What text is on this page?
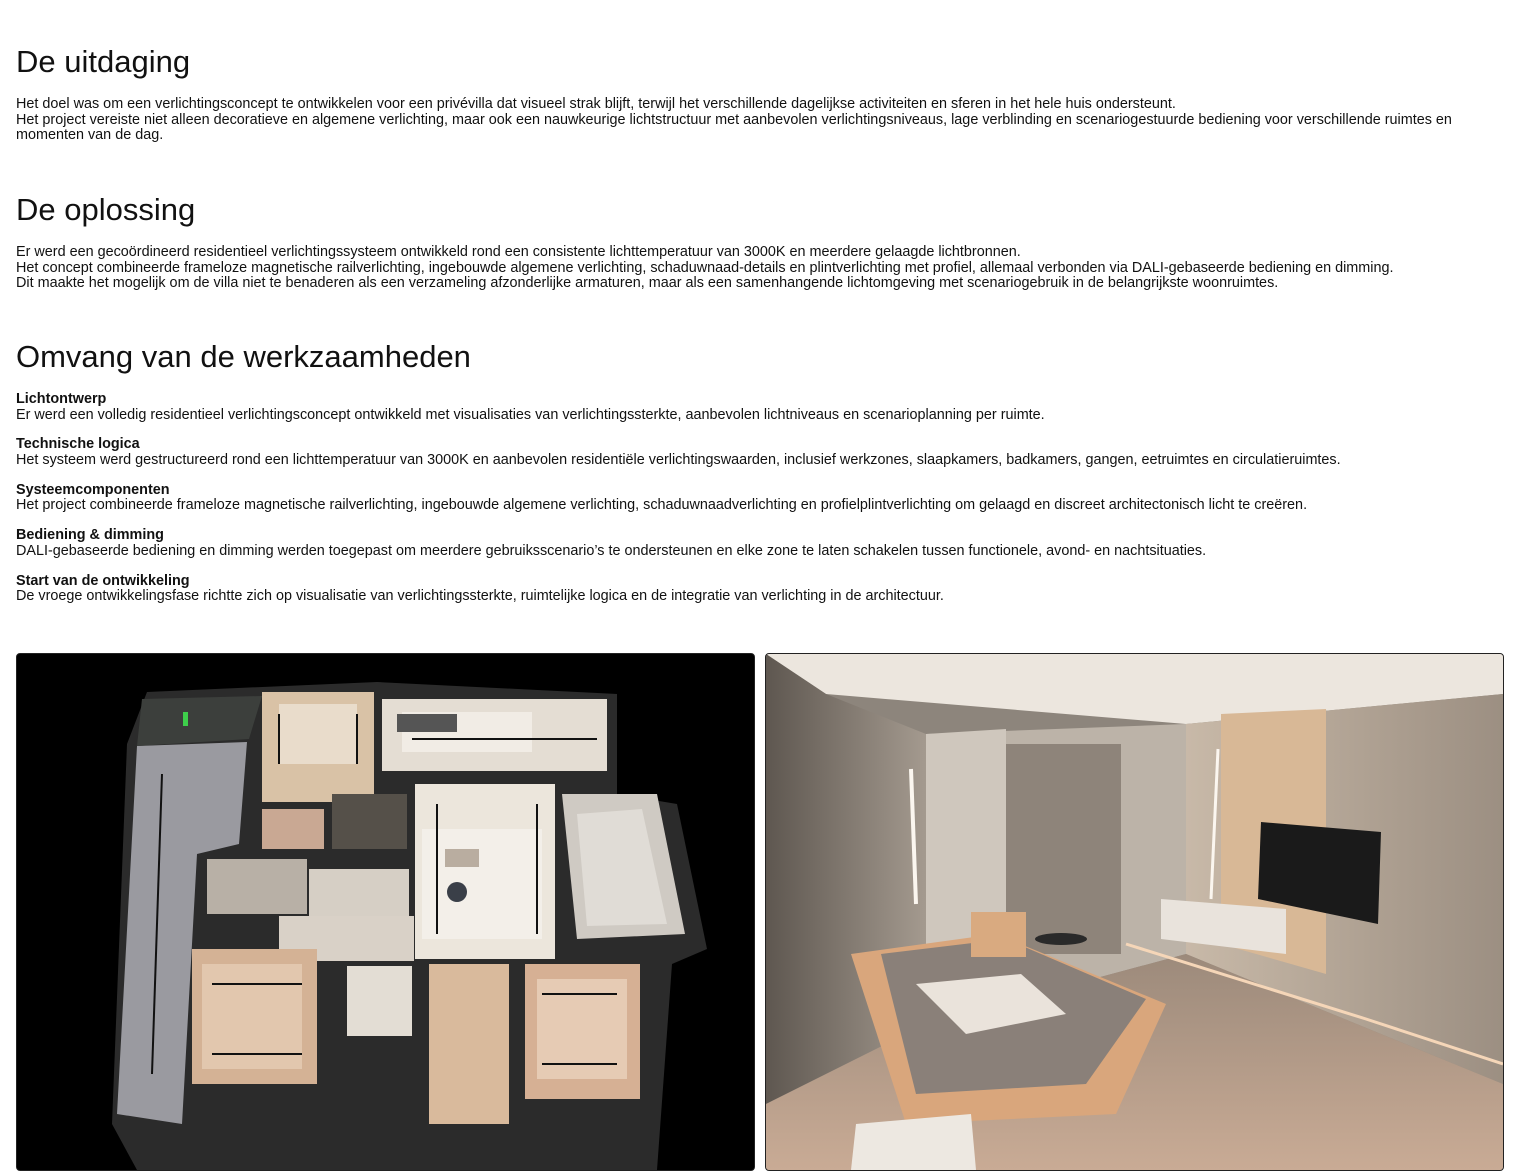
De uitdaging

Het doel was om een verlichtingsconcept te ontwikkelen voor een privévilla dat visueel strak blijft, terwijl het verschillende dagelijkse activiteiten en sferen in het hele huis ondersteunt.
Het project vereiste niet alleen decoratieve en algemene verlichting, maar ook een nauwkeurige lichtstructuur met aanbevolen verlichtingsniveaus, lage verblinding en scenariogestuurde bediening voor verschillende ruimtes en momenten van de dag.

De oplossing

Er werd een gecoördineerd residentieel verlichtingssysteem ontwikkeld rond een consistente lichttemperatuur van 3000K en meerdere gelaagde lichtbronnen.
Het concept combineerde frameloze magnetische railverlichting, ingebouwde algemene verlichting, schaduwnaad-details en plintverlichting met profiel, allemaal verbonden via DALI-gebaseerde bediening en dimming.
Dit maakte het mogelijk om de villa niet te benaderen als een verzameling afzonderlijke armaturen, maar als een samenhangende lichtomgeving met scenariogebruik in de belangrijkste woonruimtes.

Omvang van de werkzaamheden
Lichtontwerp
Er werd een volledig residentieel verlichtingsconcept ontwikkeld met visualisaties van verlichtingssterkte, aanbevolen lichtniveaus en scenarioplanning per ruimte.
Technische logica
Het systeem werd gestructureerd rond een lichttemperatuur van 3000K en aanbevolen residentiële verlichtingswaarden, inclusief werkzones, slaapkamers, badkamers, gangen, eetruimtes en circulatieruimtes.
Systeemcomponenten
Het project combineerde frameloze magnetische railverlichting, ingebouwde algemene verlichting, schaduwnaadverlichting en profielplintverlichting om gelaagd en discreet architectonisch licht te creëren.
Bediening & dimming
DALI-gebaseerde bediening en dimming werden toegepast om meerdere gebruiksscenario’s te ondersteunen en elke zone te laten schakelen tussen functionele, avond- en nachtsituaties.
Start van de ontwikkeling
De vroege ontwikkelingsfase richtte zich op visualisatie van verlichtingssterkte, ruimtelijke logica en de integratie van verlichting in de architectuur.
